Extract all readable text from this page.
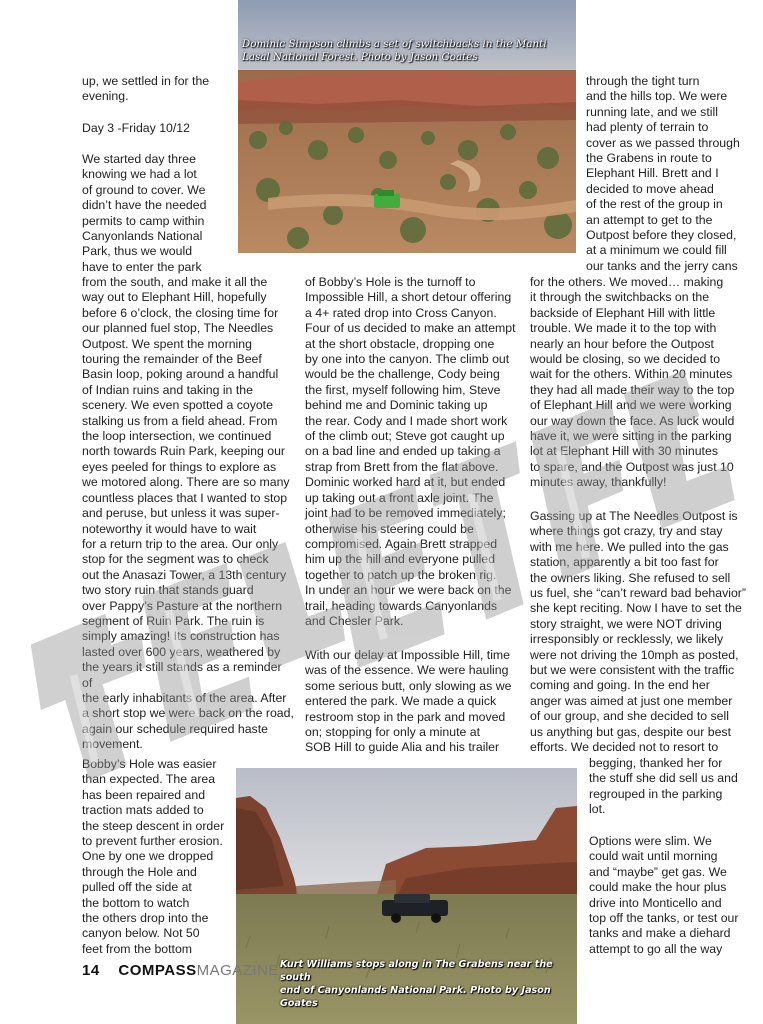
Dominic Simpson climbs a set of switchbacks in the Manti
Lasal National Forest. Photo by Jason Goates
up, we settled in for the
evening.
Day 3 -Friday 10/12
We started day three
knowing we had a lot
of ground to cover. We
didn’t have the needed
permits to camp within
Canyonlands National
Park, thus we would
have to enter the park
from the south, and make it all the
way out to Elephant Hill, hopefully
before 6 o’clock, the closing time for
our planned fuel stop, The Needles
Outpost. We spent the morning
touring the remainder of the Beef
Basin loop, poking around a handful
of Indian ruins and taking in the
scenery. We even spotted a coyote
stalking us from a field ahead. From
the loop intersection, we continued
north towards Ruin Park, keeping our
eyes peeled for things to explore as
we motored along. There are so many
countless places that I wanted to stop
and peruse, but unless it was super-
noteworthy it would have to wait
for a return trip to the area. Our only
stop for the segment was to check
out the Anasazi Tower, a 13th century
two story ruin that stands guard
over Pappy’s Pasture at the northern
segment of Ruin Park. The ruin is
simply amazing! Its construction has
lasted over 600 years, weathered by
the years it still stands as a reminder of
the early inhabitants of the area. After
a short stop we were back on the road,
again our schedule required haste
movement.
Bobby’s Hole was easier
than expected. The area
has been repaired and
traction mats added to
the steep descent in order
to prevent further erosion.
One by one we dropped
through the Hole and
pulled off the side at
the bottom to watch
the others drop into the
canyon below. Not 50
feet from the bottom
of Bobby’s Hole is the turnoff to
Impossible Hill, a short detour offering
a 4+ rated drop into Cross Canyon.
Four of us decided to make an attempt
at the short obstacle, dropping one
by one into the canyon. The climb out
would be the challenge, Cody being
the first, myself following him, Steve
behind me and Dominic taking up
the rear. Cody and I made short work
of the climb out; Steve got caught up
on a bad line and ended up taking a
strap from Brett from the flat above.
Dominic worked hard at it, but ended
up taking out a front axle joint. The
joint had to be removed immediately;
otherwise his steering could be
compromised. Again Brett strapped
him up the hill and everyone pulled
together to patch up the broken rig.
In under an hour we were back on the
trail, heading towards Canyonlands
and Chesler Park.
With our delay at Impossible Hill, time
was of the essence. We were hauling
some serious butt, only slowing as we
entered the park. We made a quick
restroom stop in the park and moved
on; stopping for only a minute at
SOB Hill to guide Alia and his trailer
through the tight turn
and the hills top. We were
running late, and we still
had plenty of terrain to
cover as we passed through
the Grabens in route to
Elephant Hill. Brett and I
decided to move ahead
of the rest of the group in
an attempt to get to the
Outpost before they closed,
at a minimum we could fill
our tanks and the jerry cans
for the others. We moved… making
it through the switchbacks on the
backside of Elephant Hill with little
trouble. We made it to the top with
nearly an hour before the Outpost
would be closing, so we decided to
wait for the others. Within 20 minutes
they had all made their way to the top
of Elephant Hill and we were working
our way down the face. As luck would
have it, we were sitting in the parking
lot at Elephant Hill with 30 minutes
to spare, and the Outpost was just 10
minutes away, thankfully!
Gassing up at The Needles Outpost is
where things got crazy, try and stay
with me here. We pulled into the gas
station, apparently a bit too fast for
the owners liking. She refused to sell
us fuel, she “can’t reward bad behavior”
she kept reciting. Now I have to set the
story straight, we were NOT driving
irresponsibly or recklessly, we likely
were not driving the 10mph as posted,
but we were consistent with the traffic
coming and going. In the end her
anger was aimed at just one member
of our group, and she decided to sell
us anything but gas, despite our best
efforts. We decided not to resort to
begging, thanked her for
the stuff she did sell us and
regrouped in the parking
lot.
Options were slim. We
could wait until morning
and “maybe” get gas. We
could make the hour plus
drive into Monticello and
top off the tanks, or test our
tanks and make a diehard
attempt to go all the way
Kurt Williams stops along in The Grabens near the south
end of Canyonlands National Park. Photo by Jason Goates
14 COMPASSMAGAZINE
